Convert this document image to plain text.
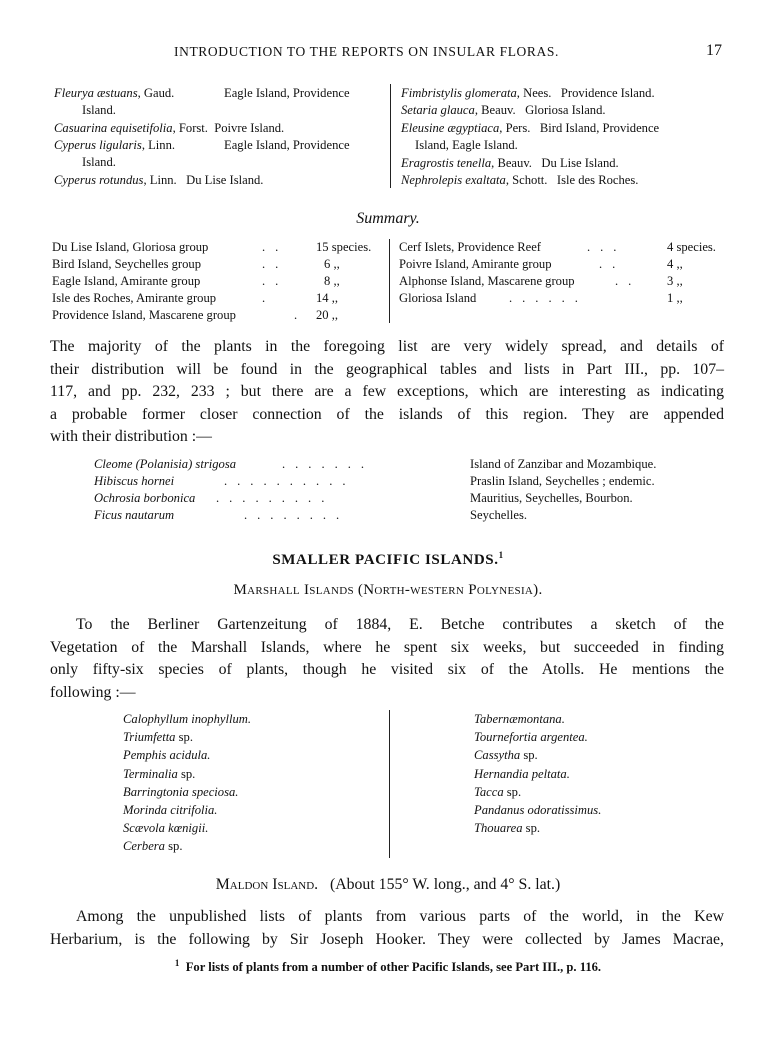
INTRODUCTION TO THE REPORTS ON INSULAR FLORAS.	17
Fleurya æstuans, Gaud.	Eagle Island, Providence
Island.
Casuarina equisetifolia, Forst. Poivre Island.
Cyperus ligularis, Linn.	Eagle Island, Providence
Island.
Cyperus rotundus, Linn. Du Lise Island.
Fimbristylis glomerata, Nees. Providence Island.
Setaria glauca, Beauv. Gloriosa Island.
Eleusine ægyptiaca, Pers. Bird Island, Providence
Island, Eagle Island.
Eragrostis tenella, Beauv. Du Lise Island.
Nephrolepis exaltata, Schott. Isle des Roches.
Summary.
Du Lise Island, Gloriosa group	.. 15 species.
Bird Island, Seychelles group	..	6 ,,
Eagle Island, Amirante group	..	8 ,,
Isle des Roches, Amirante group	.	14 ,,
Providence Island, Mascarene group	. 20 ,,
Cerf Islets, Providence Reef	...	4 species.
Poivre Island, Amirante group	..	4 ,,
Alphonse Island, Mascarene group	.. 3 ,,
Gloriosa Island	......	1 ,,
The majority of the plants in the foregoing list are very widely spread, and details of
their distribution will be found in the geographical tables and lists in Part III., pp. 107–
117, and pp. 232, 233 ; but there are a few exceptions, which are interesting as indicating
a probable former closer connection of the islands of this region. They are appended
with their distribution :—
Cleome (Polanisia) strigosa	.......	Island of Zanzibar and Mozambique.
Hibiscus hornei	..........	Praslin Island, Seychelles ; endemic.
Ochrosia borbonica .........	Mauritius, Seychelles, Bourbon.
Ficus nautarum	........	Seychelles.
SMALLER PACIFIC ISLANDS.$^1$
Marshall Islands (North-western Polynesia).
To the Berliner Gartenzeitung of 1884, E. Betche contributes a sketch of the
Vegetation of the Marshall Islands, where he spent six weeks, but succeeded in finding
only fifty-six species of plants, though he visited six of the Atolls. He mentions the
following :—
Calophyllum inophyllum.
Triumfetta sp.
Pemphis acidula.
Terminalia sp.
Barringtonia speciosa.
Morinda citrifolia.
Scævola kœnigii.
Cerbera sp.
Tabernæmontana.
Tournefortia argentea.
Cassytha sp.
Hernandia peltata.
Tacca sp.
Pandanus odoratissimus.
Thouarea sp.
Maldon Island. (About 155° W. long., and 4° S. lat.)
Among the unpublished lists of plants from various parts of the world, in the Kew
Herbarium, is the following by Sir Joseph Hooker. They were collected by James Macrae,
$^1$ For lists of plants from a number of other Pacific Islands, see Part III., p. 116.
